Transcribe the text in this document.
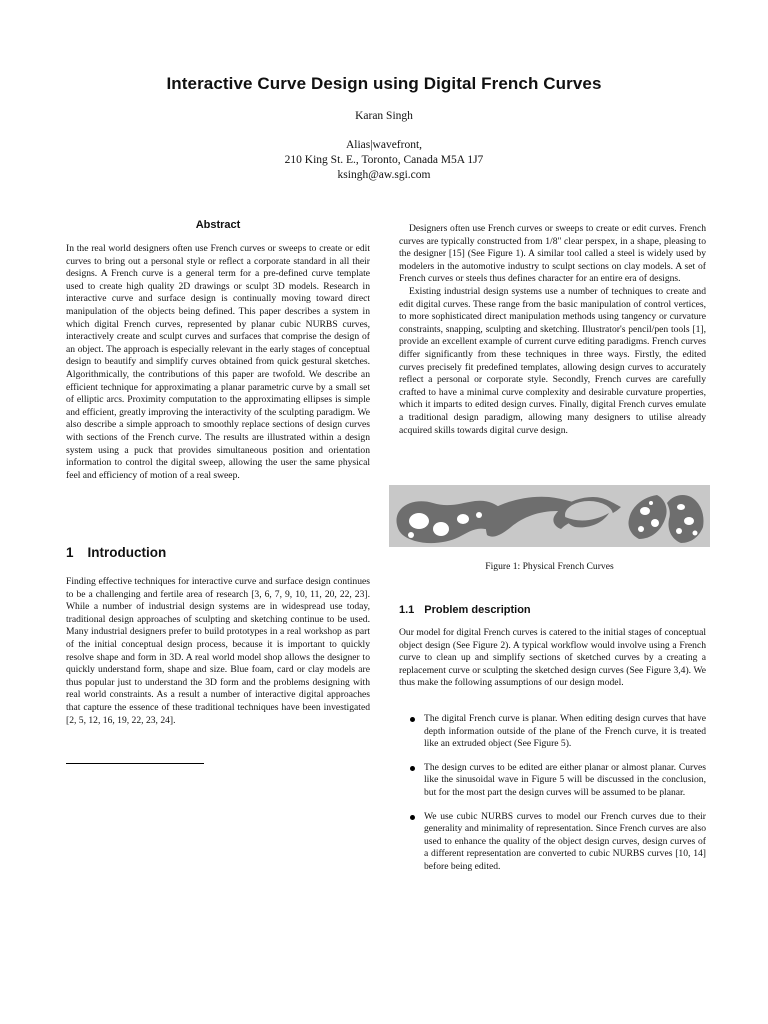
Interactive Curve Design using Digital French Curves
Karan Singh
Alias|wavefront,
210 King St. E., Toronto, Canada M5A 1J7
ksingh@aw.sgi.com
Abstract

In the real world designers often use French curves or sweeps to create or edit curves to bring out a personal style or reflect a corporate standard in all their designs. A French curve is a general term for a pre-defined curve template used to create high quality 2D drawings or sculpt 3D models. Research in interactive curve and surface design is continually moving toward direct manipulation of the objects being defined. This paper describes a system in which digital French curves, represented by planar cubic NURBS curves, interactively create and sculpt curves and surfaces that comprise the design of an object. The approach is especially relevant in the early stages of conceptual design to beautify and simplify curves obtained from quick gestural sketches. Algorithmically, the contributions of this paper are twofold. We describe an efficient technique for approximating a planar parametric curve by a small set of elliptic arcs. Proximity computation to the approximating ellipses is simple and efficient, greatly improving the interactivity of the sculpting paradigm. We also describe a simple approach to smoothly replace sections of design curves with sections of the French curve. The results are illustrated within a design system using a puck that provides simultaneous position and orientation information to control the digital sweep, allowing the user the same physical feel and efficiency of motion of a real sweep.

1 Introduction

Finding effective techniques for interactive curve and surface design continues to be a challenging and fertile area of research [3, 6, 7, 9, 10, 11, 20, 22, 23]. While a number of industrial design systems are in widespread use today, traditional design approaches of sculpting and sketching continue to be used. Many industrial designers prefer to build prototypes in a real workshop as part of the initial conceptual design process, because it is important to quickly resolve shape and form in 3D. A real world model shop allows the designer to quickly understand form, shape and size. Blue foam, card or clay models are thus popular just to understand the 3D form and the problems designing with real world constraints. As a result a number of interactive digital approaches that capture the essence of these traditional techniques have been investigated [2, 5, 12, 16, 19, 22, 23, 24].

Designers often use French curves or sweeps to create or edit curves. French curves are typically constructed from 1/8" clear perspex, in a shape, pleasing to the designer [15] (See Figure 1). A similar tool called a steel is widely used by modelers in the automotive industry to sculpt sections on clay models. A set of French curves or steels thus defines character for an entire era of designs.

Existing industrial design systems use a number of techniques to create and edit digital curves. These range from the basic manipulation of control vertices, to more sophisticated direct manipulation methods using tangency or curvature constraints, snapping, sculpting and sketching. Illustrator's pencil/pen tools [1], provide an excellent example of current curve editing paradigms. French curves differ significantly from these techniques in three ways. Firstly, the edited curves precisely fit predefined templates, allowing design curves to accurately reflect a personal or corporate style. Secondly, French curves are carefully crafted to have a minimal curve complexity and desirable curvature properties, which it imparts to edited design curves. Finally, digital French curves emulate a traditional design paradigm, allowing many designers to utilise already acquired skills towards digital curve design.

Figure 1: Physical French Curves
1.1 Problem description

Our model for digital French curves is catered to the initial stages of conceptual object design (See Figure 2). A typical workflow would involve using a French curve to clean up and simplify sections of sketched curves by a creating a replacement curve or sculpting the sketched design curves (See Figure 3,4). We thus make the following assumptions of our design model.

The digital French curve is planar. When editing design curves that have depth information outside of the plane of the French curve, it is treated like an extruded object (See Figure 5).
The design curves to be edited are either planar or almost planar. Curves like the sinusoidal wave in Figure 5 will be discussed in the conclusion, but for the most part the design curves will be assumed to be planar.
We use cubic NURBS curves to model our French curves due to their generality and minimality of representation. Since French curves are also used to enhance the quality of the object design curves, design curves of a different representation are converted to cubic NURBS curves [10, 14] before being edited.
